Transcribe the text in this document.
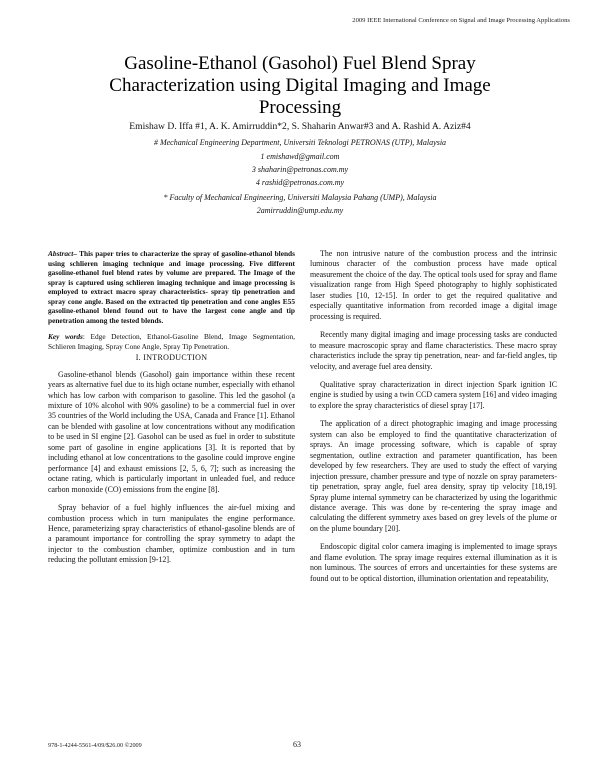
2009 IEEE International Conference on Signal and Image Processing Applications
Gasoline-Ethanol (Gasohol) Fuel Blend Spray
Characterization using Digital Imaging and Image
Processing
Emishaw D. Iffa #1, A. K. Amirruddin*2, S. Shaharin Anwar#3 and A. Rashid A. Aziz#4
# Mechanical Engineering Department, Universiti Teknologi PETRONAS (UTP), Malaysia
1 emishawd@gmail.com
3 shaharin@petronas.com.my
4 rashid@petronas.com.my
* Faculty of Mechanical Engineering, Universiti Malaysia Pahang (UMP), Malaysia
2amirruddin@ump.edu.my

Abstract– This paper tries to characterize the spray of gasoline-ethanol blends using schlieren imaging technique and image processing. Five different gasoline-ethanol fuel blend rates by volume are prepared. The Image of the spray is captured using schlieren imaging technique and image processing is employed to extract macro spray characteristics- spray tip penetration and spray cone angle. Based on the extracted tip penetration and cone angles E55 gasoline-ethanol blend found out to have the largest cone angle and tip penetration among the tested blends.

Key words: Edge Detection, Ethanol-Gasoline Blend, Image Segmentation, Schlieren Imaging, Spray Cone Angle, Spray Tip Penetration.

I. INTRODUCTION

Gasoline-ethanol blends (Gasohol) gain importance within these recent years as alternative fuel due to its high octane number, especially with ethanol which has low carbon with comparison to gasoline. This led the gasohol (a mixture of 10% alcohol with 90% gasoline) to be a commercial fuel in over 35 countries of the World including the USA, Canada and France [1]. Ethanol can be blended with gasoline at low concentrations without any modification to be used in SI engine [2]. Gasohol can be used as fuel in order to substitute some part of gasoline in engine applications [3]. It is reported that by including ethanol at low concentrations to the gasoline could improve engine performance [4] and exhaust emissions [2, 5, 6, 7]; such as increasing the octane rating, which is particularly important in unleaded fuel, and reduce carbon monoxide (CO) emissions from the engine [8].

Spray behavior of a fuel highly influences the air-fuel mixing and combustion process which in turn manipulates the engine performance. Hence, parameterizing spray characteristics of ethanol-gasoline blends are of a paramount importance for controlling the spray symmetry to adapt the injector to the combustion chamber, optimize combustion and in turn reducing the pollutant emission [9-12].

The non intrusive nature of the combustion process and the intrinsic luminous character of the combustion process have made optical measurement the choice of the day. The optical tools used for spray and flame visualization range from High Speed photography to highly sophisticated laser studies [10, 12-15]. In order to get the required qualitative and especially quantitative information from recorded image a digital image processing is required.

Recently many digital imaging and image processing tasks are conducted to measure macroscopic spray and flame characteristics. These macro spray characteristics include the spray tip penetration, near- and far-field angles, tip velocity, and average fuel area density.

Qualitative spray characterization in direct injection Spark ignition IC engine is studied by using a twin CCD camera system [16] and video imaging to explore the spray characteristics of diesel spray [17].

The application of a direct photographic imaging and image processing system can also be employed to find the quantitative characterization of sprays. An image processing software, which is capable of spray segmentation, outline extraction and parameter quantification, has been developed by few researchers. They are used to study the effect of varying injection pressure, chamber pressure and type of nozzle on spray parameters- tip penetration, spray angle, fuel area density, spray tip velocity [18,19]. Spray plume internal symmetry can be characterized by using the logarithmic distance average. This was done by re-centering the spray image and calculating the different symmetry axes based on grey levels of the plume or on the plume boundary [20].

Endoscopic digital color camera imaging is implemented to image sprays and flame evolution. The spray image requires external illumination as it is non luminous. The sources of errors and uncertainties for these systems are found out to be optical distortion, illumination orientation and repeatability,

978-1-4244-5561-4/09/$26.00 ©2009	63
